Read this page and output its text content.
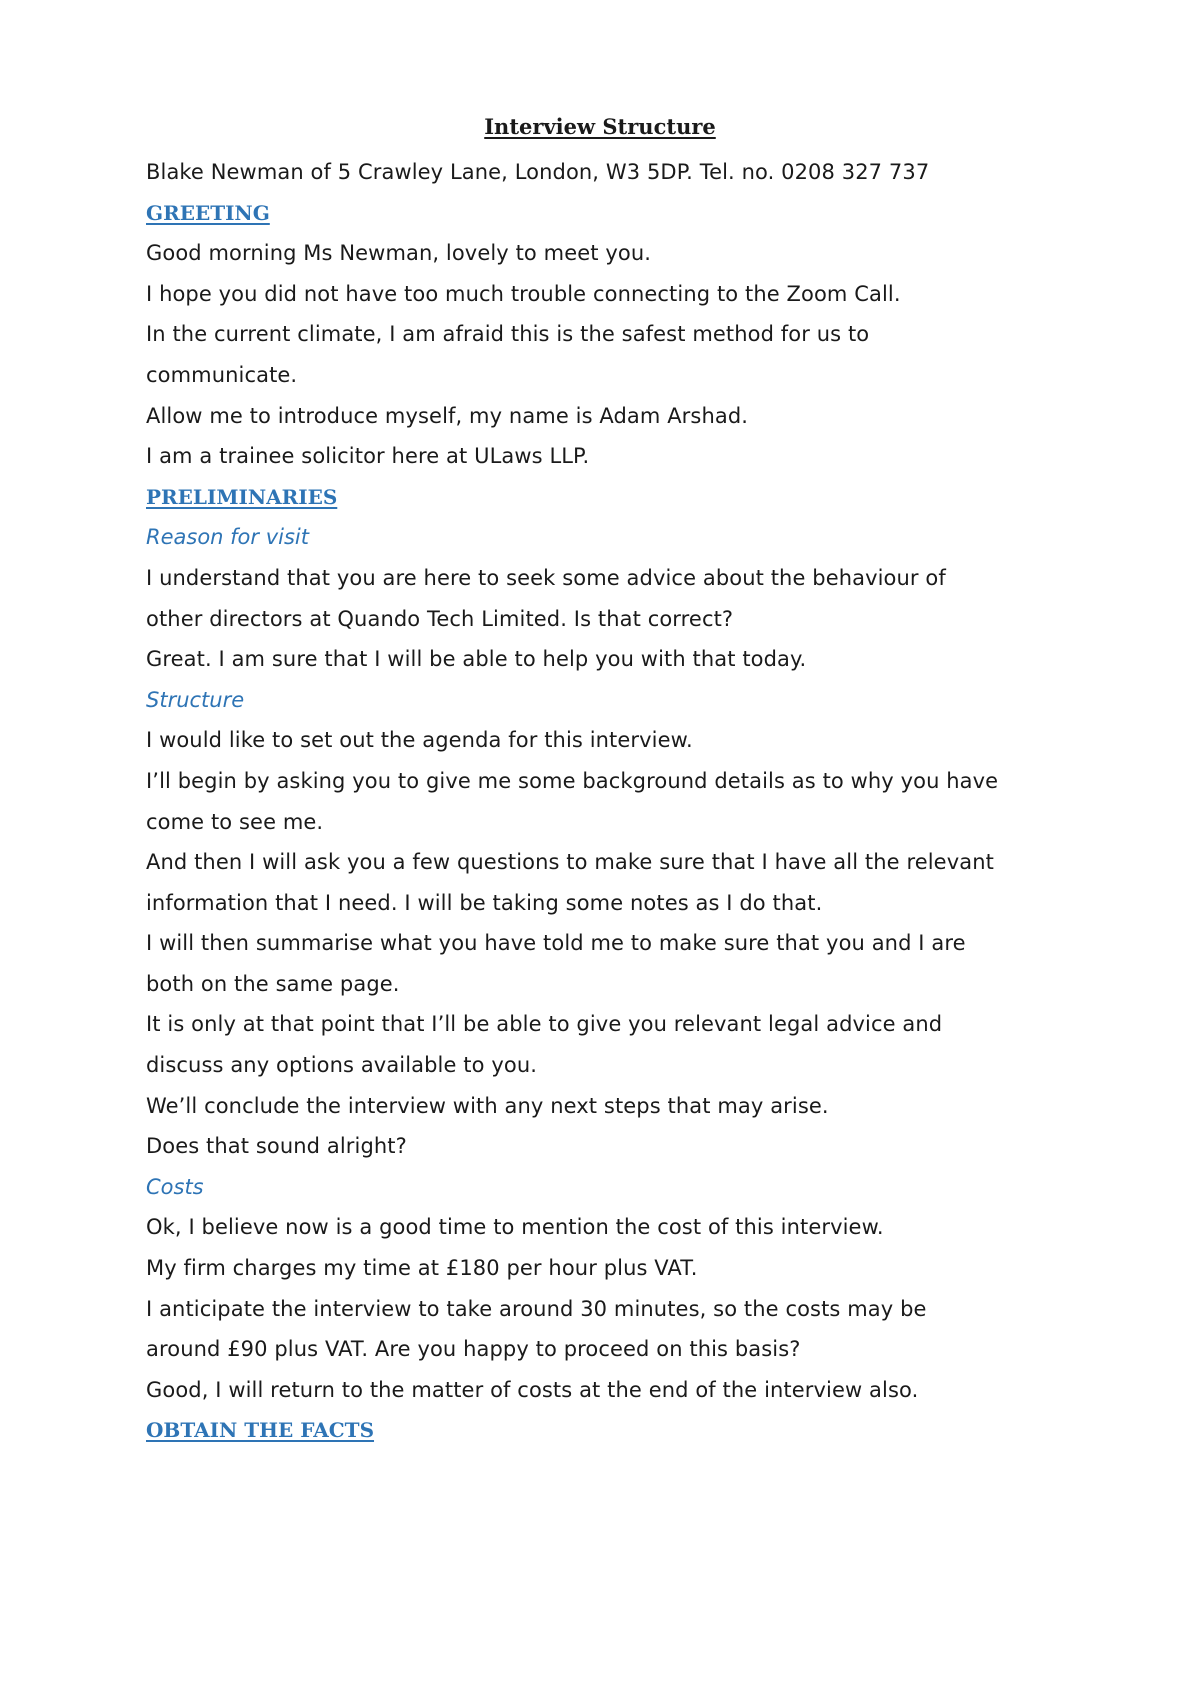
Interview Structure
Blake Newman of 5 Crawley Lane, London, W3 5DP. Tel. no. 0208 327 737
GREETING
Good morning Ms Newman, lovely to meet you.
I hope you did not have too much trouble connecting to the Zoom Call.
In the current climate, I am afraid this is the safest method for us to
communicate.
Allow me to introduce myself, my name is Adam Arshad.
I am a trainee solicitor here at ULaws LLP.
PRELIMINARIES
Reason for visit
I understand that you are here to seek some advice about the behaviour of
other directors at Quando Tech Limited. Is that correct?
Great. I am sure that I will be able to help you with that today.
Structure
I would like to set out the agenda for this interview.
I’ll begin by asking you to give me some background details as to why you have
come to see me.
And then I will ask you a few questions to make sure that I have all the relevant
information that I need. I will be taking some notes as I do that.
I will then summarise what you have told me to make sure that you and I are
both on the same page.
It is only at that point that I’ll be able to give you relevant legal advice and
discuss any options available to you.
We’ll conclude the interview with any next steps that may arise.
Does that sound alright?
Costs
Ok, I believe now is a good time to mention the cost of this interview.
My firm charges my time at £180 per hour plus VAT.
I anticipate the interview to take around 30 minutes, so the costs may be
around £90 plus VAT. Are you happy to proceed on this basis?
Good, I will return to the matter of costs at the end of the interview also.
OBTAIN THE FACTS
